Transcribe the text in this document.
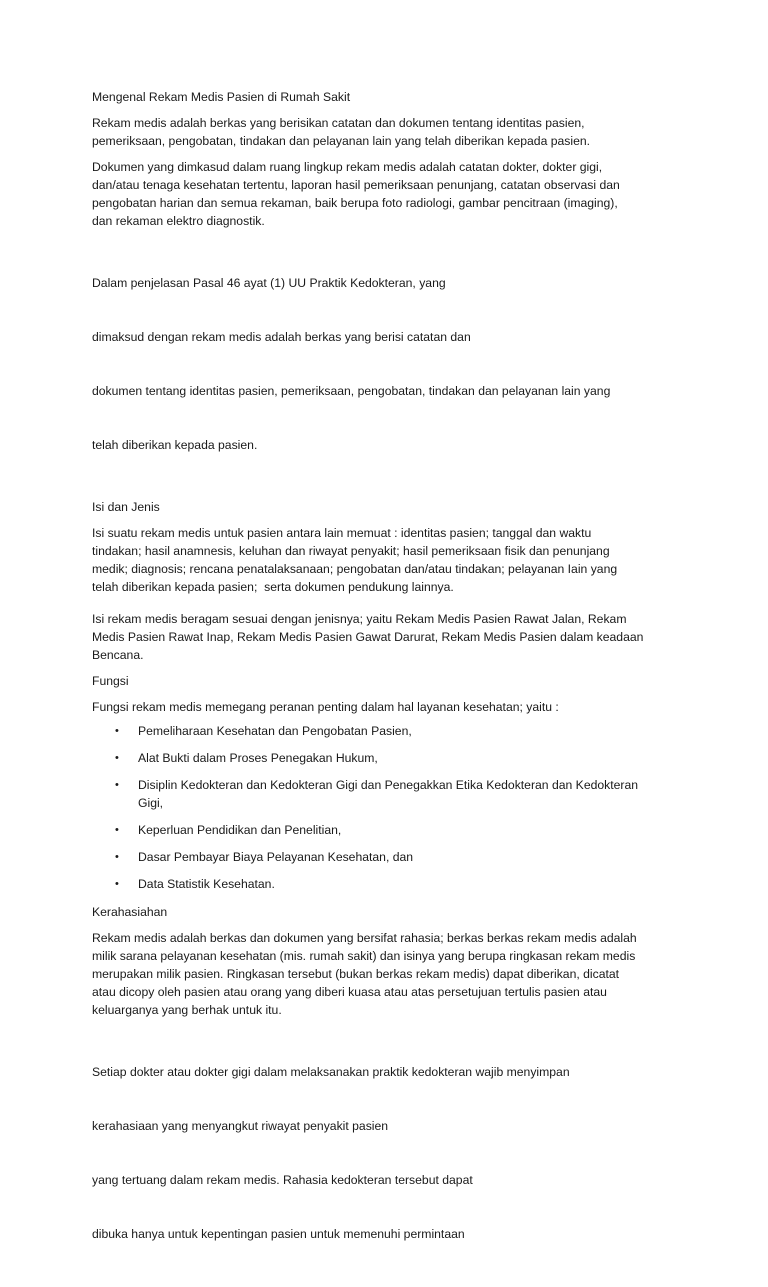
Mengenal Rekam Medis Pasien di Rumah Sakit

Rekam medis adalah berkas yang berisikan catatan dan dokumen tentang identitas pasien,
pemeriksaan, pengobatan, tindakan dan pelayanan lain yang telah diberikan kepada pasien.

Dokumen yang dimkasud dalam ruang lingkup rekam medis adalah catatan dokter, dokter gigi,
dan/atau tenaga kesehatan tertentu, laporan hasil pemeriksaan penunjang, catatan observasi dan
pengobatan harian dan semua rekaman, baik berupa foto radiologi, gambar pencitraan (imaging),
dan rekaman elektro diagnostik.

Dalam penjelasan Pasal 46 ayat (1) UU Praktik Kedokteran, yang

dimaksud dengan rekam medis adalah berkas yang berisi catatan dan

dokumen tentang identitas pasien, pemeriksaan, pengobatan, tindakan dan pelayanan lain yang

telah diberikan kepada pasien.

Isi dan Jenis

Isi suatu rekam medis untuk pasien antara lain memuat : identitas pasien; tanggal dan waktu
tindakan; hasil anamnesis, keluhan dan riwayat penyakit; hasil pemeriksaan fisik dan penunjang
medik; diagnosis; rencana penatalaksanaan; pengobatan dan/atau tindakan; pelayanan Iain yang
telah diberikan kepada pasien;  serta dokumen pendukung lainnya.

Isi rekam medis beragam sesuai dengan jenisnya; yaitu Rekam Medis Pasien Rawat Jalan, Rekam
Medis Pasien Rawat Inap, Rekam Medis Pasien Gawat Darurat, Rekam Medis Pasien dalam keadaan
Bencana.

Fungsi

Fungsi rekam medis memegang peranan penting dalam hal layanan kesehatan; yaitu :

• Pemeliharaan Kesehatan dan Pengobatan Pasien,
• Alat Bukti dalam Proses Penegakan Hukum,
• Disiplin Kedokteran dan Kedokteran Gigi dan Penegakkan Etika Kedokteran dan Kedokteran
Gigi,
• Keperluan Pendidikan dan Penelitian,
• Dasar Pembayar Biaya Pelayanan Kesehatan, dan
• Data Statistik Kesehatan.

Kerahasiahan

Rekam medis adalah berkas dan dokumen yang bersifat rahasia; berkas berkas rekam medis adalah
milik sarana pelayanan kesehatan (mis. rumah sakit) dan isinya yang berupa ringkasan rekam medis
merupakan milik pasien. Ringkasan tersebut (bukan berkas rekam medis) dapat diberikan, dicatat
atau dicopy oleh pasien atau orang yang diberi kuasa atau atas persetujuan tertulis pasien atau
keluarganya yang berhak untuk itu.

Setiap dokter atau dokter gigi dalam melaksanakan praktik kedokteran wajib menyimpan

kerahasiaan yang menyangkut riwayat penyakit pasien

yang tertuang dalam rekam medis. Rahasia kedokteran tersebut dapat

dibuka hanya untuk kepentingan pasien untuk memenuhi permintaan
